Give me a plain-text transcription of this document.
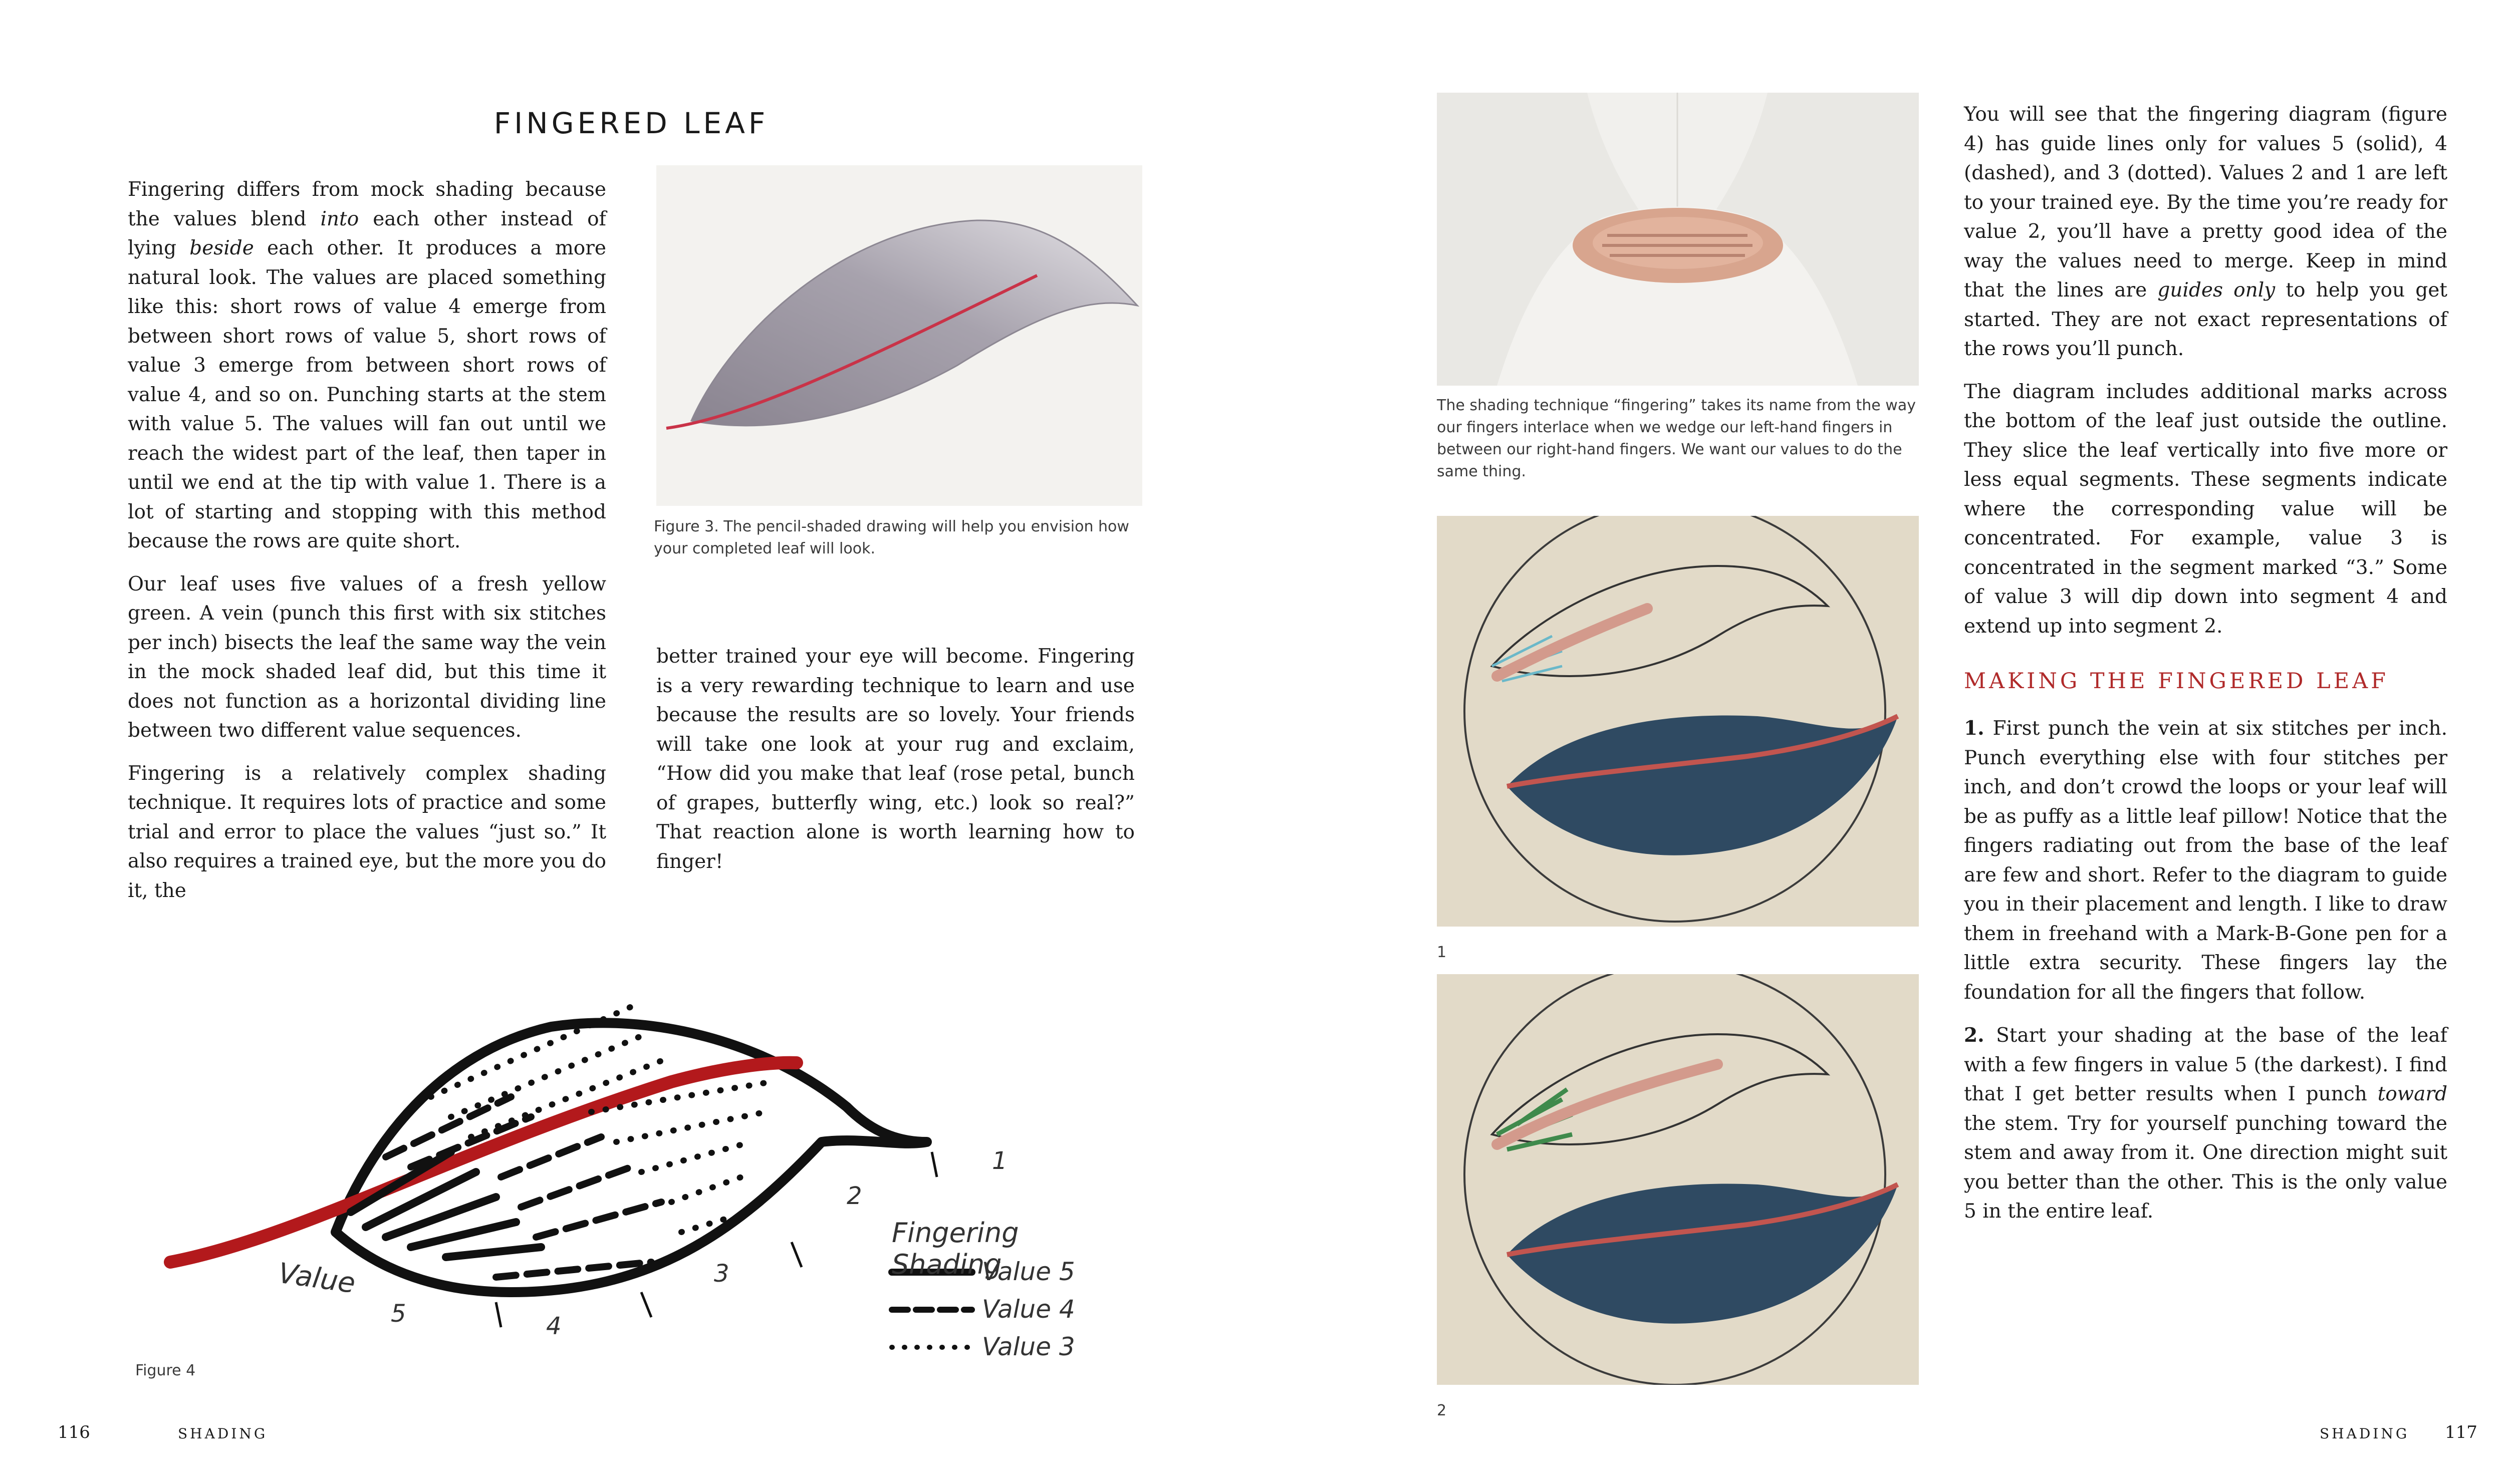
FINGERED LEAF

Fingering differs from mock shading because the values blend into each other instead of lying beside each other. It produces a more natural look. The values are placed something like this: short rows of value 4 emerge from between short rows of value 5, short rows of value 3 emerge from between short rows of value 4, and so on. Punching starts at the stem with value 5. The values will fan out until we reach the widest part of the leaf, then taper in until we end at the tip with value 1. There is a lot of starting and stopping with this method because the rows are quite short.

Our leaf uses five values of a fresh yellow green. A vein (punch this first with six stitches per inch) bisects the leaf the same way the vein in the mock shaded leaf did, but this time it does not function as a horizontal dividing line between two different value sequences.

Fingering is a relatively complex shading technique. It requires lots of practice and some trial and error to place the values “just so.” It also requires a trained eye, but the more you do it, the

Figure 3. The pencil-shaded drawing will help you envision how your completed leaf will look.

better trained your eye will become. Fingering is a very rewarding technique to learn and use because the results are so lovely. Your friends will take one look at your rug and exclaim, “How did you make that leaf (rose petal, bunch of grapes, butterfly wing, etc.) look so real?” That reaction alone is worth learning how to finger!

Value
5	4
3
2
1
Fingering Shading
Value 5
Value 4
Value 3
Figure 4
116	SHADING
The shading technique “fingering” takes its name from the way our fingers interlace when we wedge our left-hand fingers in between our right-hand fingers. We want our values to do the same thing.
1
2

You will see that the fingering diagram (figure 4) has guide lines only for values 5 (solid), 4 (dashed), and 3 (dotted). Values 2 and 1 are left to your trained eye. By the time you’re ready for value 2, you’ll have a pretty good idea of the way the values need to merge. Keep in mind that the lines are guides only to help you get started. They are not exact representations of the rows you’ll punch.

The diagram includes additional marks across the bottom of the leaf just outside the outline. They slice the leaf vertically into five more or less equal segments. These segments indicate where the corresponding value will be concentrated. For example, value 3 is concentrated in the segment marked “3.” Some of value 3 will dip down into segment 4 and extend up into segment 2.

MAKING THE FINGERED LEAF

1. First punch the vein at six stitches per inch. Punch everything else with four stitches per inch, and don’t crowd the loops or your leaf will be as puffy as a little leaf pillow! Notice that the fingers radiating out from the base of the leaf are few and short. Refer to the diagram to guide you in their placement and length. I like to draw them in freehand with a Mark-B-Gone pen for a little extra security. These fingers lay the foundation for all the fingers that follow.

2. Start your shading at the base of the leaf with a few fingers in value 5 (the darkest). I find that I get better results when I punch toward the stem. Try for yourself punching toward the stem and away from it. One direction might suit you better than the other. This is the only value 5 in the entire leaf.

SHADING 117
